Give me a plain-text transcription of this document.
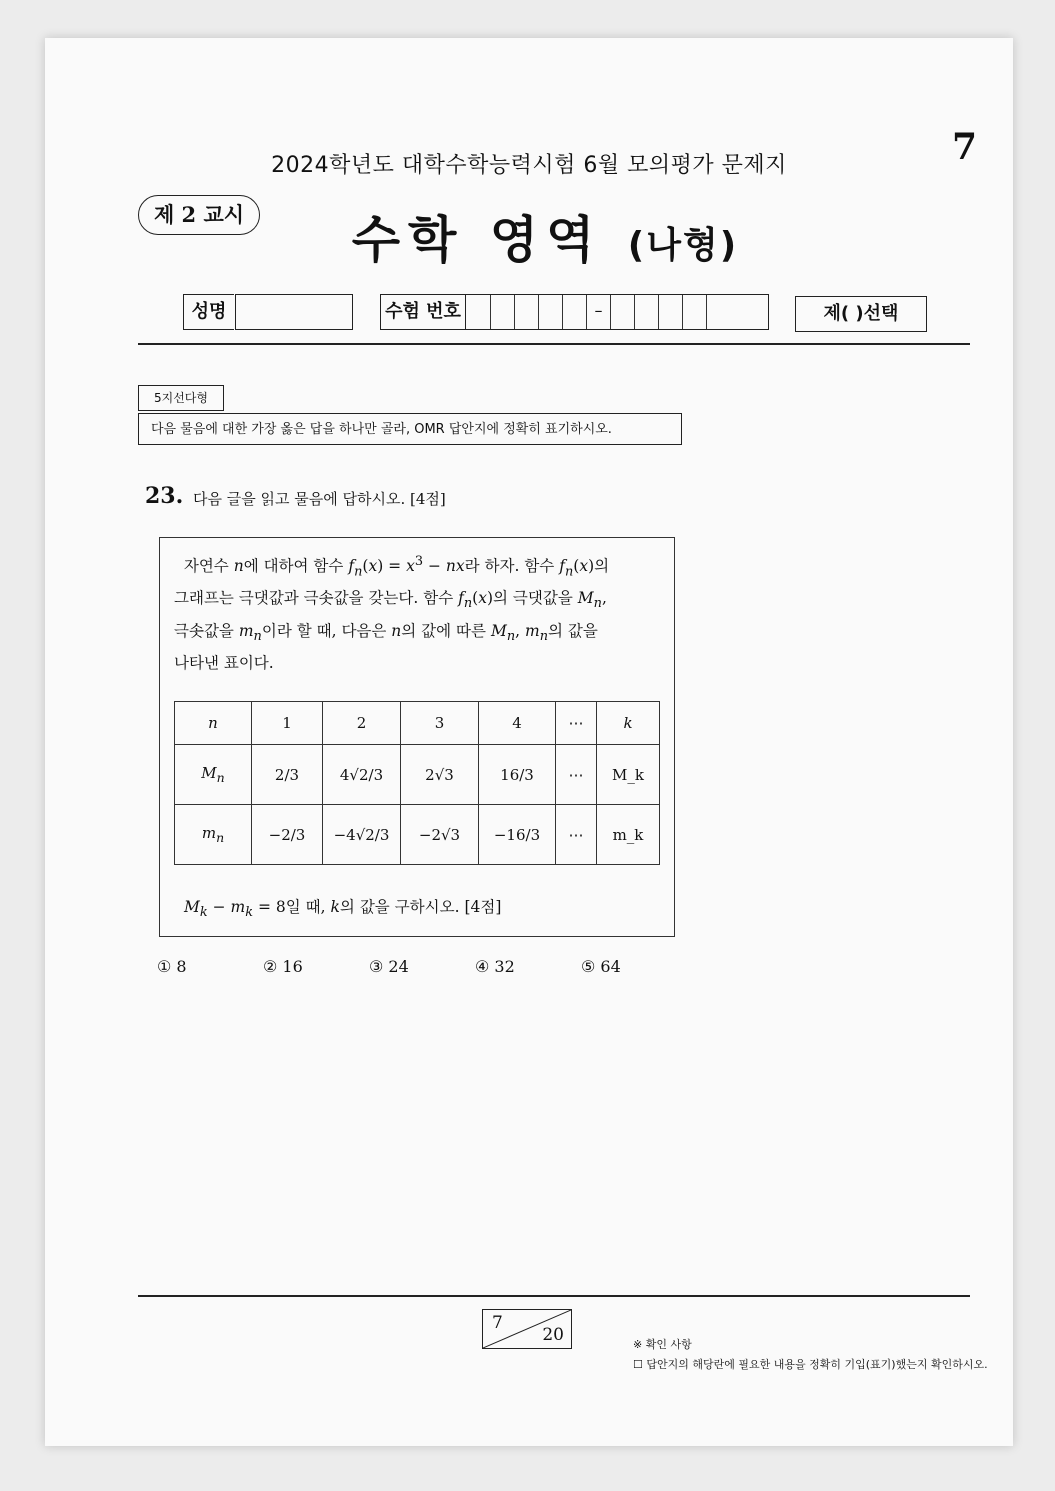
7
2024학년도 대학수학능력시험 6월 모의평가 문제지
제 2 교시	수학 영역 (나형)
성명	수험 번호	–	제( )선택
5지선다형
다음 물음에 대한 가장 옳은 답을 하나만 골라, OMR 답안지에 정확히 표기하시오.
23. 다음 글을 읽고 물음에 답하시오. [4점]
자연수 n에 대하여 함수 $f_n(x) = x^3$ − nx라 하자. 함수 $f_n(x)$의
그래프는 극댓값과 극솟값을 갖는다. 함수 $f_n(x)$의 극댓값을 $M_n$,
극솟값을 $m_n$이라 할 때, 다음은 n의 값에 따른 $M_n$, $m_n$의 값을
나타낸 표이다.
n	1	2	3	4	⋯	k
$M_n$	2/3	4√2/3	2√3	16/3	⋯	M_k
$m_n$	−2/3	−4√2/3	−2√3	−16/3	⋯	m_k
$M_k - m_k = 8$일 때, k의 값을 구하시오. [4점]
① 8	② 16	③ 24	④ 32	⑤ 64
7
20	※ 확인 사항
☐ 답안지의 해당란에 필요한 내용을 정확히 기입(표기)했는지 확인하시오.
